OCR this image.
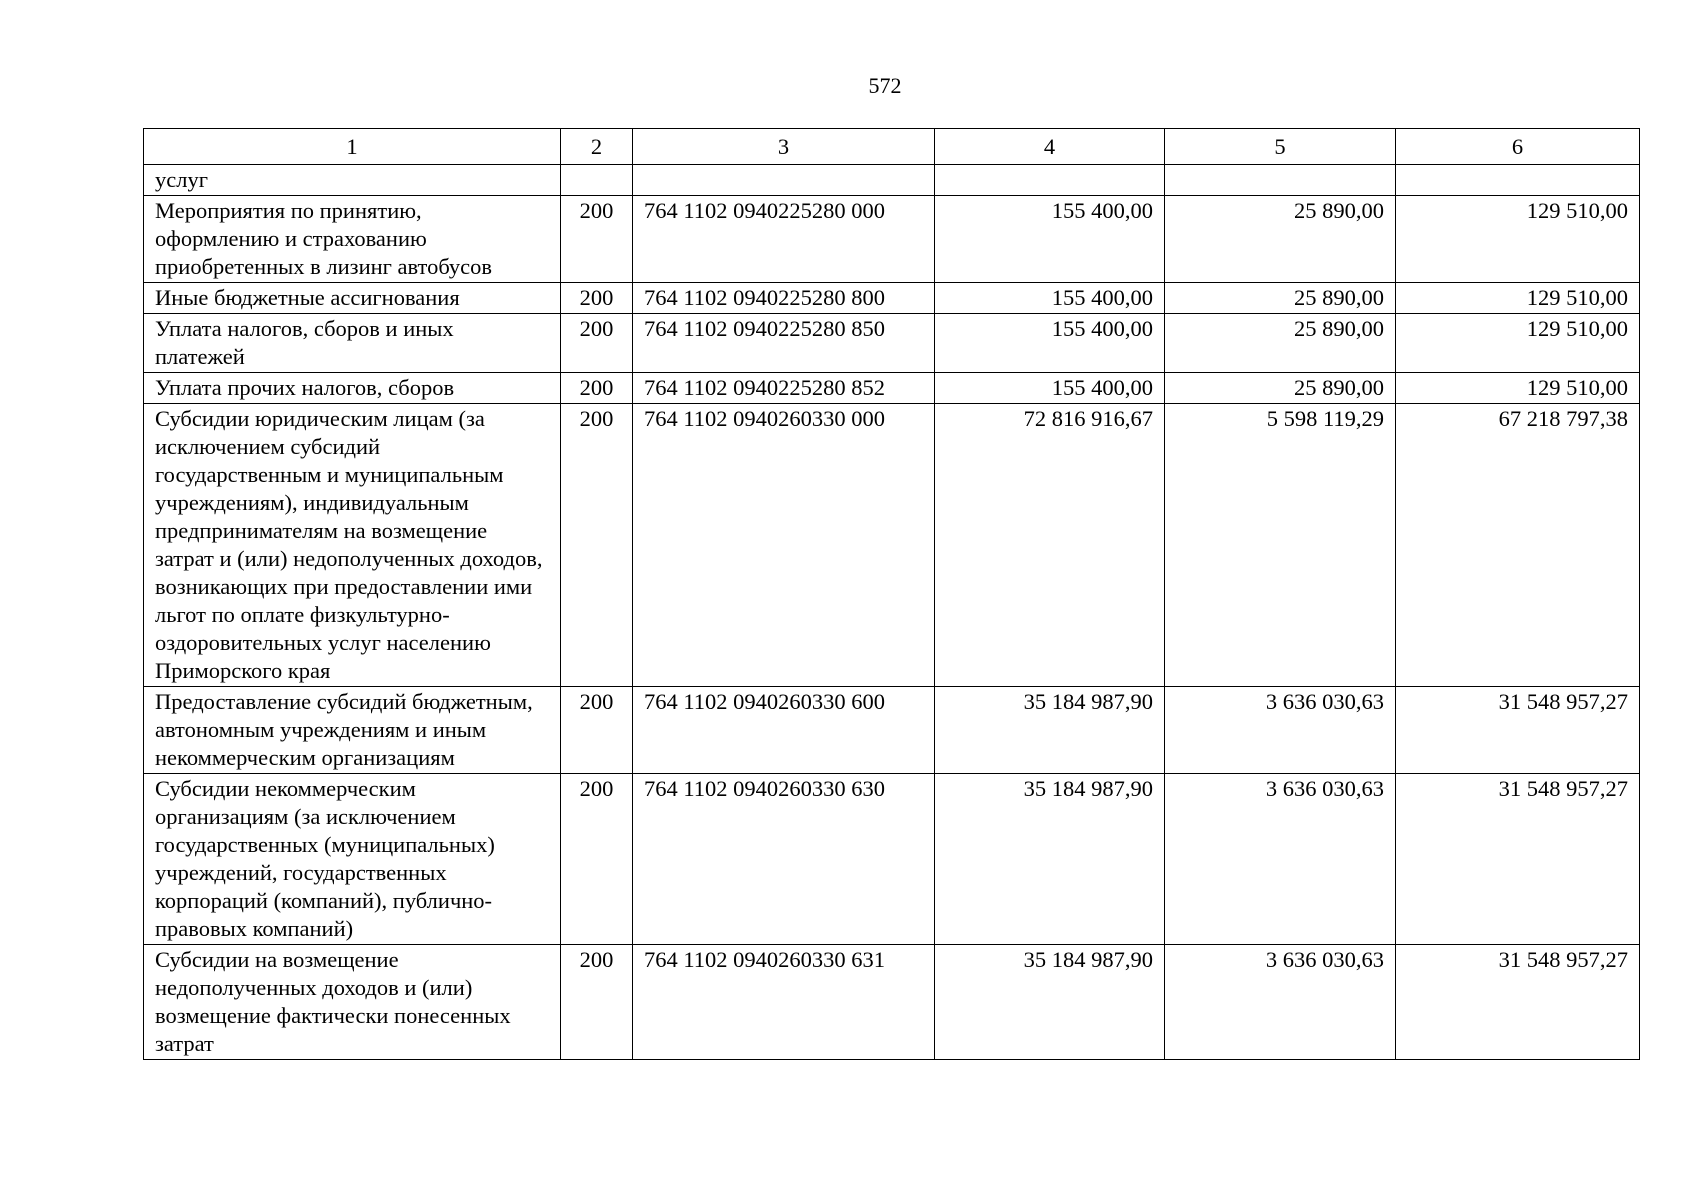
572
1	2	3	4	5	6
услуг					
Мероприятия по принятию, оформлению и страхованию приобретенных в лизинг автобусов	200	764 1102 0940225280 000	155 400,00	25 890,00	129 510,00
Иные бюджетные ассигнования	200	764 1102 0940225280 800	155 400,00	25 890,00	129 510,00
Уплата налогов, сборов и иных платежей	200	764 1102 0940225280 850	155 400,00	25 890,00	129 510,00
Уплата прочих налогов, сборов	200	764 1102 0940225280 852	155 400,00	25 890,00	129 510,00
Субсидии юридическим лицам (за исключением субсидий государственным и муниципальным учреждениям), индивидуальным предпринимателям на возмещение затрат и (или) недополученных доходов, возникающих при предоставлении ими льгот по оплате физкультурно-оздоровительных услуг населению Приморского края	200	764 1102 0940260330 000	72 816 916,67	5 598 119,29	67 218 797,38
Предоставление субсидий бюджетным, автономным учреждениям и иным некоммерческим организациям	200	764 1102 0940260330 600	35 184 987,90	3 636 030,63	31 548 957,27
Субсидии некоммерческим организациям (за исключением государственных (муниципальных) учреждений, государственных корпораций (компаний), публично-правовых компаний)	200	764 1102 0940260330 630	35 184 987,90	3 636 030,63	31 548 957,27
Субсидии на возмещение недополученных доходов и (или) возмещение фактически понесенных затрат	200	764 1102 0940260330 631	35 184 987,90	3 636 030,63	31 548 957,27
